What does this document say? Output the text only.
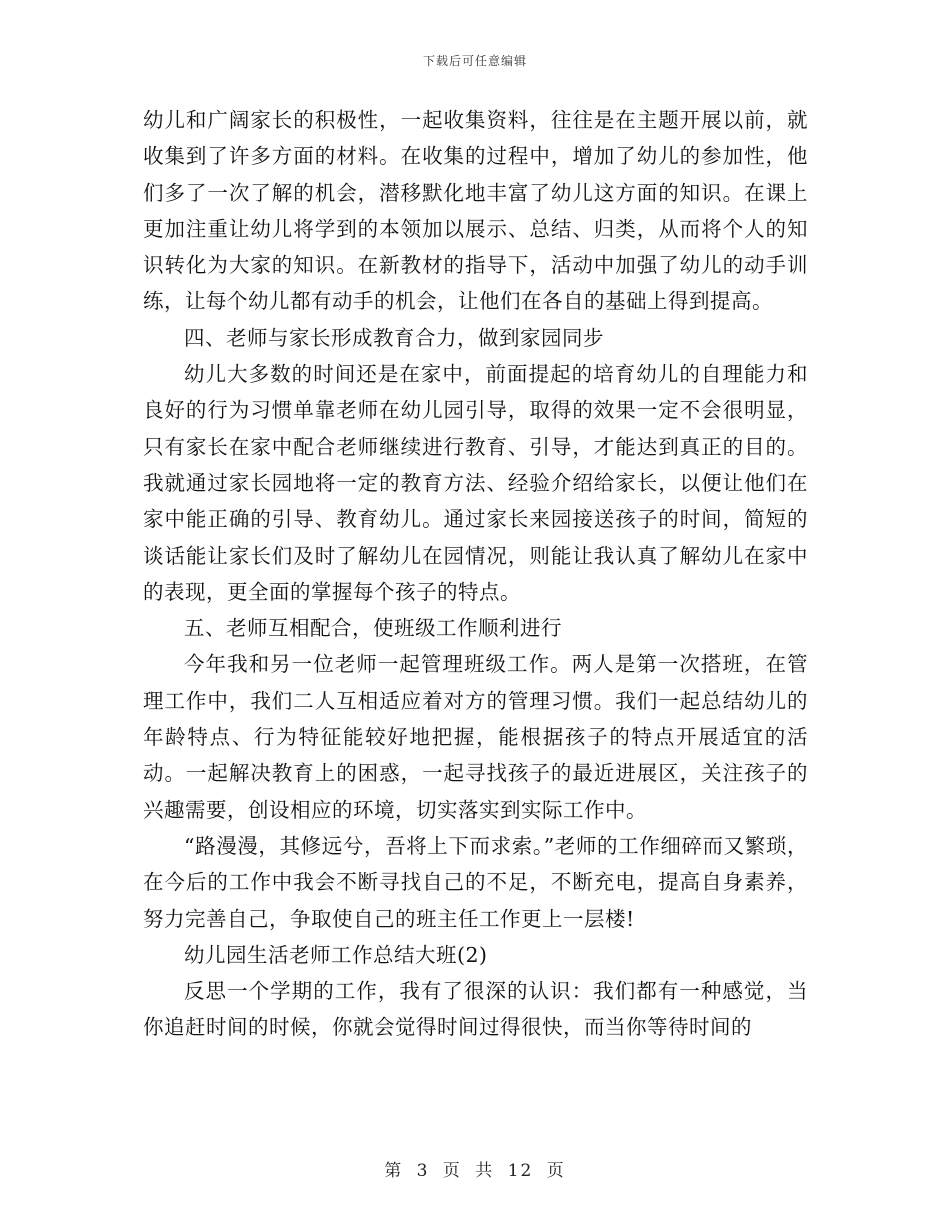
下载后可任意编辑

幼儿和广阔家长的积极性，一起收集资料，往往是在主题开展以前，就收集到了许多方面的材料。在收集的过程中，增加了幼儿的参加性，他们多了一次了解的机会，潜移默化地丰富了幼儿这方面的知识。在课上更加注重让幼儿将学到的本领加以展示、总结、归类，从而将个人的知识转化为大家的知识。在新教材的指导下，活动中加强了幼儿的动手训练，让每个幼儿都有动手的机会，让他们在各自的基础上得到提高。

四、老师与家长形成教育合力，做到家园同步

幼儿大多数的时间还是在家中，前面提起的培育幼儿的自理能力和良好的行为习惯单靠老师在幼儿园引导，取得的效果一定不会很明显，只有家长在家中配合老师继续进行教育、引导，才能达到真正的目的。我就通过家长园地将一定的教育方法、经验介绍给家长，以便让他们在家中能正确的引导、教育幼儿。通过家长来园接送孩子的时间，简短的谈话能让家长们及时了解幼儿在园情况，则能让我认真了解幼儿在家中的表现，更全面的掌握每个孩子的特点。

五、老师互相配合，使班级工作顺利进行

今年我和另一位老师一起管理班级工作。两人是第一次搭班，在管理工作中，我们二人互相适应着对方的管理习惯。我们一起总结幼儿的年龄特点、行为特征能较好地把握，能根据孩子的特点开展适宜的活动。一起解决教育上的困惑，一起寻找孩子的最近进展区，关注孩子的兴趣需要，创设相应的环境，切实落实到实际工作中。

“路漫漫，其修远兮，吾将上下而求索。”老师的工作细碎而又繁琐，在今后的工作中我会不断寻找自己的不足，不断充电，提高自身素养，努力完善自己，争取使自己的班主任工作更上一层楼!

幼儿园生活老师工作总结大班(2)

反思一个学期的工作，我有了很深的认识：我们都有一种感觉，当你追赶时间的时候，你就会觉得时间过得很快，而当你等待时间的

第 3 页 共 12 页
